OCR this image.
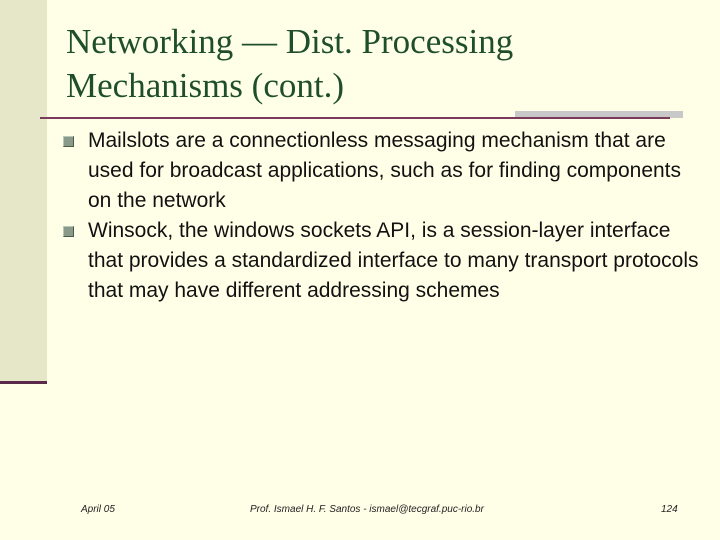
Networking — Dist. Processing Mechanisms (cont.)
Mailslots are a connectionless messaging mechanism that are used for broadcast applications, such as for finding components on the network
Winsock, the windows sockets API, is a session-layer interface that provides a standardized interface to many transport protocols that may have different addressing schemes
April 05	Prof. Ismael H. F. Santos - ismael@tecgraf.puc-rio.br	124
